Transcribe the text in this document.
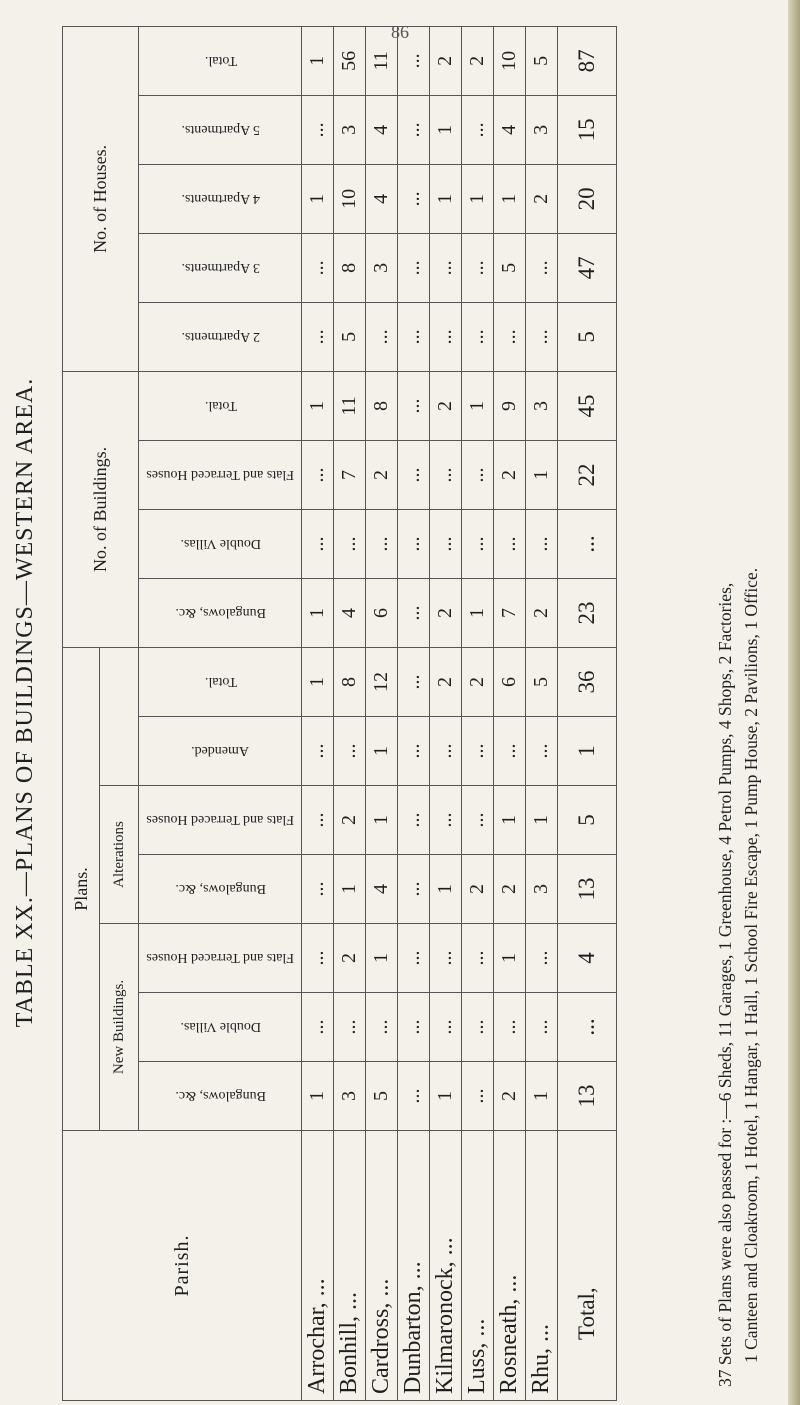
86
TABLE XX.—PLANS OF BUILDINGS—WESTERN AREA.
Parish.	Plans.							No. of Buildings.				No. of Houses.				
	New Buildings.			Alterations												
	Bungalows, &c.	Double Villas.	Flats and Terraced Houses	Bungalows, &c.	Flats and Terraced Houses	Amended.	Total.	Bungalows, &c.	Double Villas.	Flats and Terraced Houses	Total.	2 Apartments.	3 Apartments.	4 Apartments.	5 Apartments.	Total.
Arrochar, ...	1	...	...	...	...	...	1	1	...	...	1	...	...	1	...	1
Bonhill, ...	3	...	2	1	2	...	8	4	...	7	11	5	8	10	3	56
Cardross, ...	5	...	1	4	1	1	12	6	...	2	8	...	3	4	4	11
Dunbarton, ...	...	...	...	...	...	...	...	...	...	...	...	...	...	...	...	...
Kilmaronock, ...	1	...	...	1	...	...	2	2	...	...	2	...	...	1	1	2
Luss, ...	...	...	...	2	...	...	2	1	...	...	1	...	...	1	...	2
Rosneath, ...	2	...	1	2	1	...	6	7	...	2	9	...	5	1	4	10
Rhu, ...	1	...	...	3	1	...	5	2	...	1	3	...	...	2	3	5
Total,	13	...	4	13	5	1	36	23	...	22	45	5	47	20	15	87
37 Sets of Plans were also passed for :—6 Sheds, 11 Garages, 1 Greenhouse, 4 Petrol Pumps, 4 Shops, 2 Factories, 1 Canteen and Cloakroom, 1 Hotel, 1 Hangar, 1 Hall, 1 School Fire Escape, 1 Pump House, 2 Pavilions, 1 Office.
